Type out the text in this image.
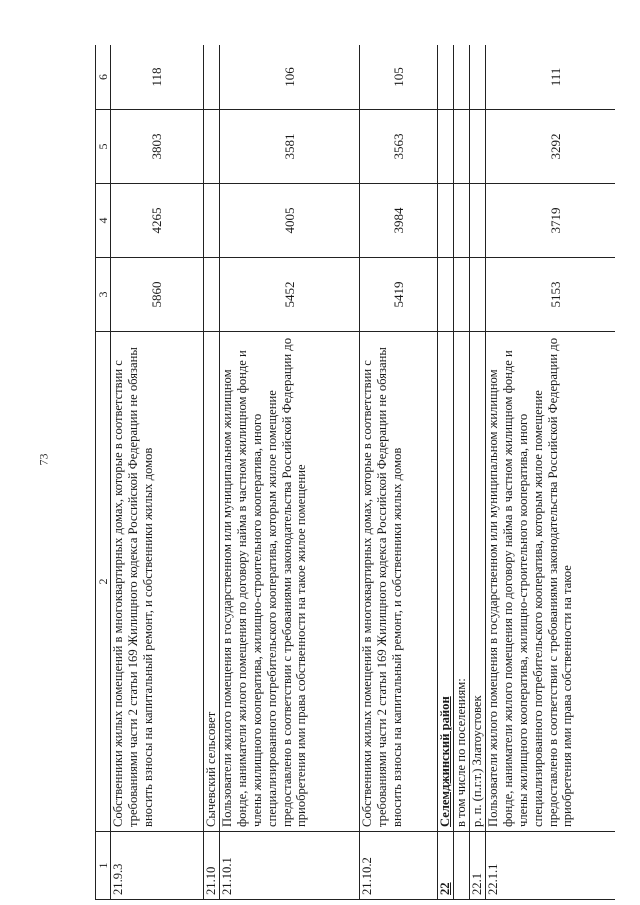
73
1	2	3	4	5	6
21.9.3	Собственники жилых помещений в многоквартирных домах, которые в соответствии с требованиями части 2 статьи 169 Жилищного кодекса Российской Федерации не обязаны вносить взносы на капитальный ремонт, и собственники жилых домов	5860	4265	3803	118
21.10	Сычевский сельсовет				
21.10.1	Пользователи жилого помещения в государственном или муниципальном жилищном фонде, наниматели жилого помещения по договору найма в частном жилищном фонде и члены жилищного кооператива, жилищно-строительного кооператива, иного специализированного потребительского кооператива, которым жилое помещение предоставлено в соответствии с требованиями законодательства Российской Федерации до приобретения ими права собственности на такое жилое помещение	5452	4005	3581	106
21.10.2	Собственники жилых помещений в многоквартирных домах, которые в соответствии с требованиями части 2 статьи 169 Жилищного кодекса Российской Федерации не обязаны вносить взносы на капитальный ремонт, и собственники жилых домов	5419	3984	3563	105
22	Селемджинский район				
	в том числе по поселениям:				
22.1	р. п. (п.г.т.) Златоустовек				
22.1.1	Пользователи жилого помещения в государственном или муниципальном жилищном фонде, наниматели жилого помещения по договору найма в частном жилищном фонде и члены жилищного кооператива, жилищно-строительного кооператива, иного специализированного потребительского кооператива, которым жилое помещение предоставлено в соответствии с требованиями законодательства Российской Федерации до приобретения ими права собственности на такое	5153	3719	3292	111
